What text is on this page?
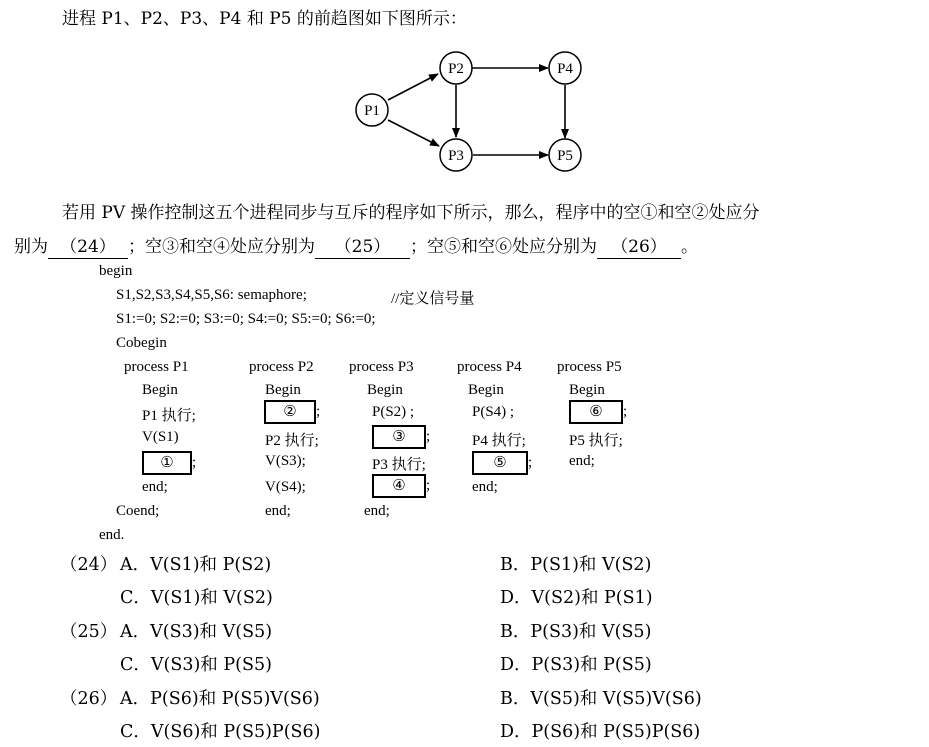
进程 P1、P2、P3、P4 和 P5 的前趋图如下图所示：
P1
P2
P3
P4
P5
若用 PV 操作控制这五个进程同步与互斥的程序如下所示，那么，程序中的空①和空②处应分
别为 （24） ；空③和空④处应分别为 （25） ；空⑤和空⑥处应分别为 （26） 。
begin
S1,S2,S3,S4,S5,S6: semaphore;	//定义信号量
S1:=0; S2:=0; S3:=0; S4:=0; S5:=0; S6:=0;
Cobegin
process P1
Begin
P1 执行;
V(S1)
① ;
end;
process P2
Begin
② ;
P2 执行;
V(S3);
V(S4);
end;
process P3
Begin
P(S2) ;
③ ;
P3 执行;
④ ;
end;
process P4
Begin
P(S4) ;
P4 执行;
⑤ ;
end;
process P5
Begin
⑥ ;
P5 执行;
end;
Coend;
end.
（24） A．V(S1)和 P(S2)	B．P(S1)和 V(S2)
C．V(S1)和 V(S2)	D．V(S2)和 P(S1)
（25） A．V(S3)和 V(S5)	B．P(S3)和 V(S5)
C．V(S3)和 P(S5)	D．P(S3)和 P(S5)
（26） A．P(S6)和 P(S5)V(S6)	B．V(S5)和 V(S5)V(S6)
C．V(S6)和 P(S5)P(S6)	D．P(S6)和 P(S5)P(S6)
